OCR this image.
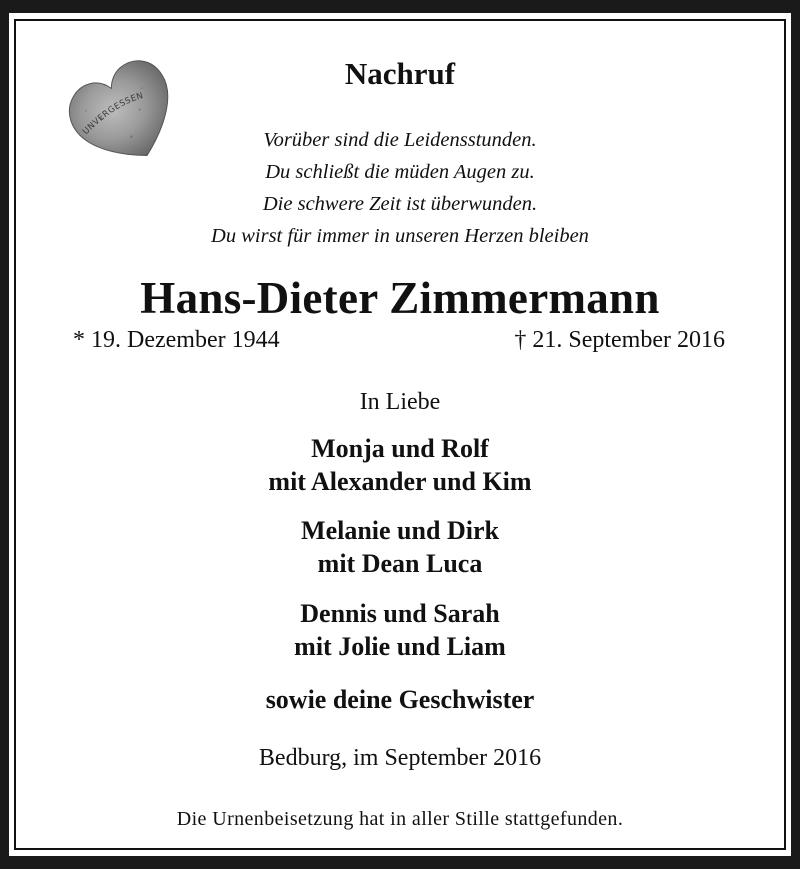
UNVERGESSEN
Nachruf
Vorüber sind die Leidensstunden.
Du schließt die müden Augen zu.
Die schwere Zeit ist überwunden.
Du wirst für immer in unseren Herzen bleiben
Hans-Dieter Zimmermann
* 19. Dezember 1944	† 21. September 2016
In Liebe
Monja und Rolf
mit Alexander und Kim
Melanie und Dirk
mit Dean Luca
Dennis und Sarah
mit Jolie und Liam
sowie deine Geschwister
Bedburg, im September 2016
Die Urnenbeisetzung hat in aller Stille stattgefunden.
